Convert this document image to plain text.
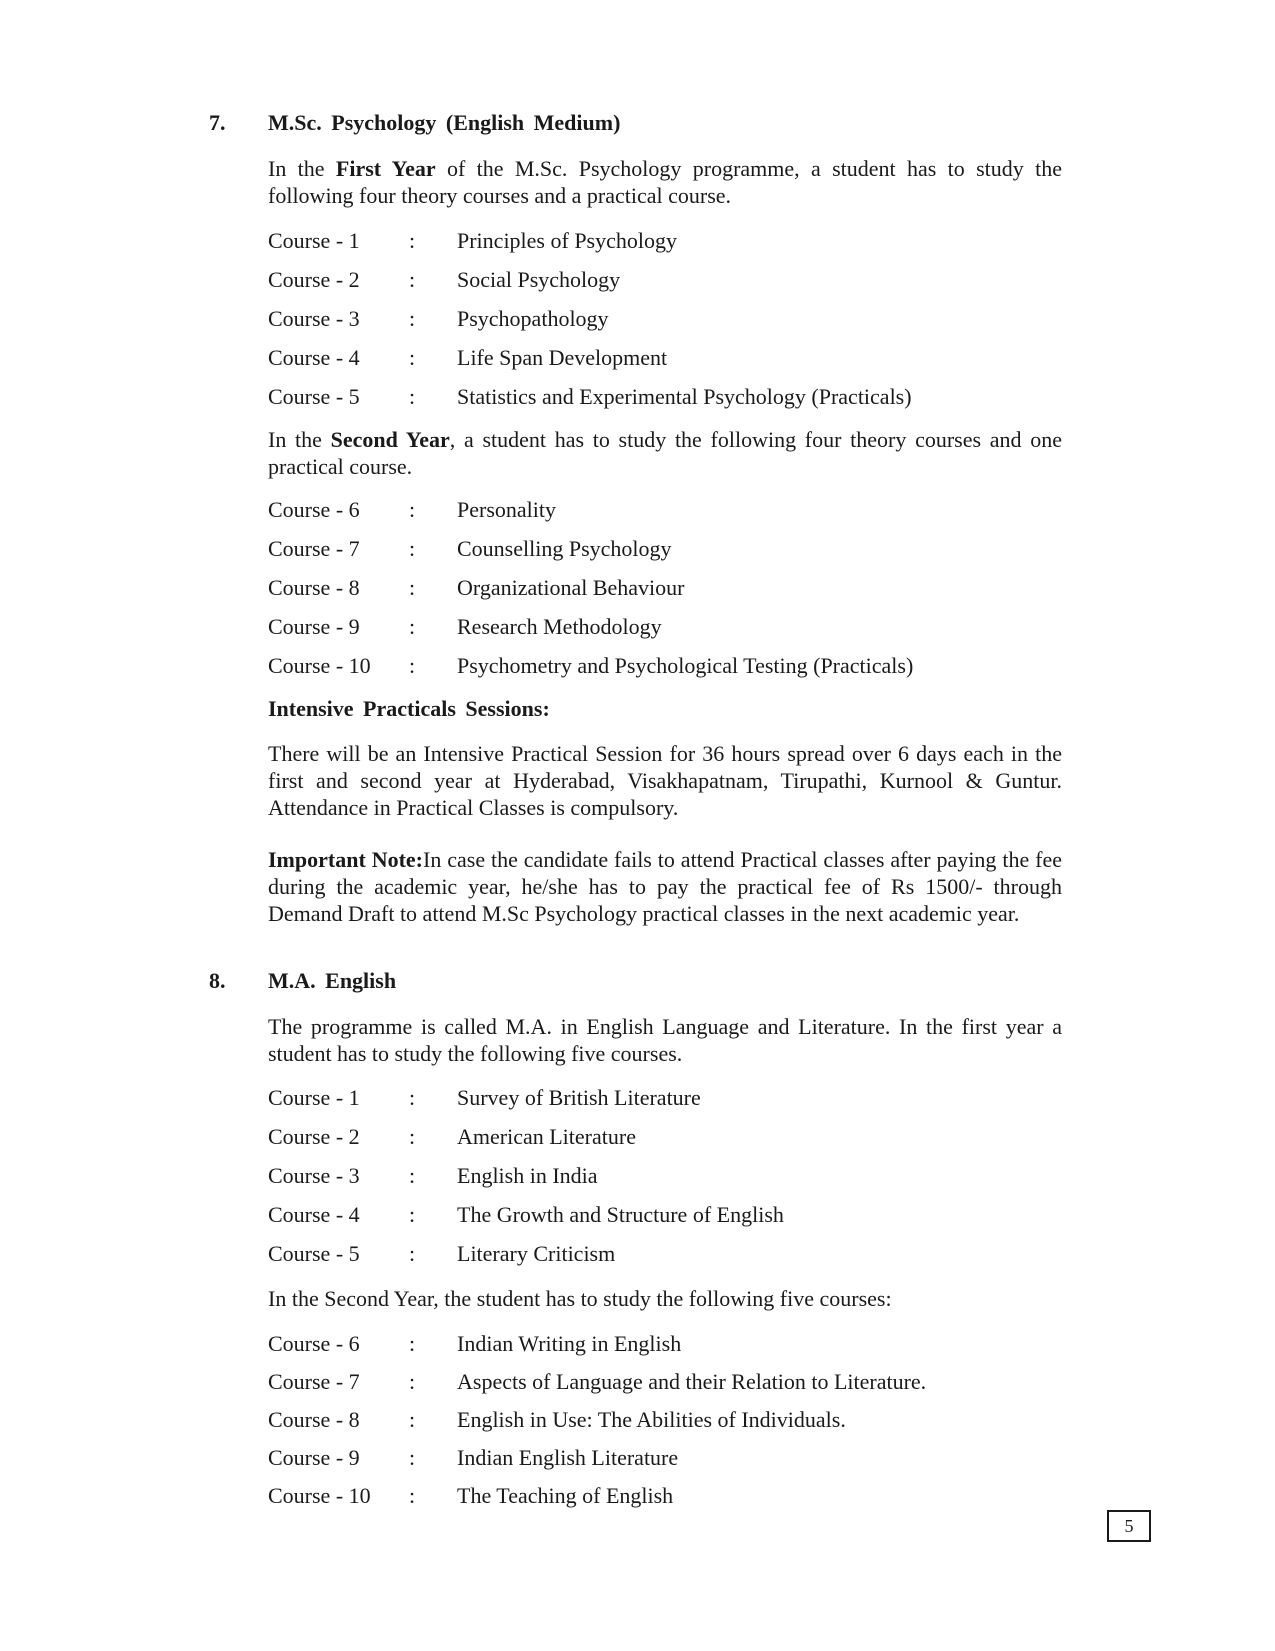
7. M.Sc. Psychology (English Medium)
In the First Year of the M.Sc. Psychology programme, a student has to study the following four theory courses and a practical course.
Course - 1 : Principles of Psychology
Course - 2 : Social Psychology
Course - 3 : Psychopathology
Course - 4 : Life Span Development
Course - 5 : Statistics and Experimental Psychology (Practicals)
In the Second Year, a student has to study the following four theory courses and one practical course.
Course - 6 : Personality
Course - 7 : Counselling Psychology
Course - 8 : Organizational Behaviour
Course - 9 : Research Methodology
Course - 10 : Psychometry and Psychological Testing (Practicals)
Intensive Practicals Sessions:
There will be an Intensive Practical Session for 36 hours spread over 6 days each in the first and second year at Hyderabad, Visakhapatnam, Tirupathi, Kurnool & Guntur. Attendance in Practical Classes is compulsory.
Important Note:In case the candidate fails to attend Practical classes after paying the fee during the academic year, he/she has to pay the practical fee of Rs 1500/- through Demand Draft to attend M.Sc Psychology practical classes in the next academic year.
8. M.A. English
The programme is called M.A. in English Language and Literature. In the first year a student has to study the following five courses.
Course - 1 : Survey of British Literature
Course - 2 : American Literature
Course - 3 : English in India
Course - 4 : The Growth and Structure of English
Course - 5 : Literary Criticism
In the Second Year, the student has to study the following five courses:
Course - 6 : Indian Writing in English
Course - 7 : Aspects of Language and their Relation to Literature.
Course - 8 : English in Use: The Abilities of Individuals.
Course - 9 : Indian English Literature
Course - 10 : The Teaching of English
5
